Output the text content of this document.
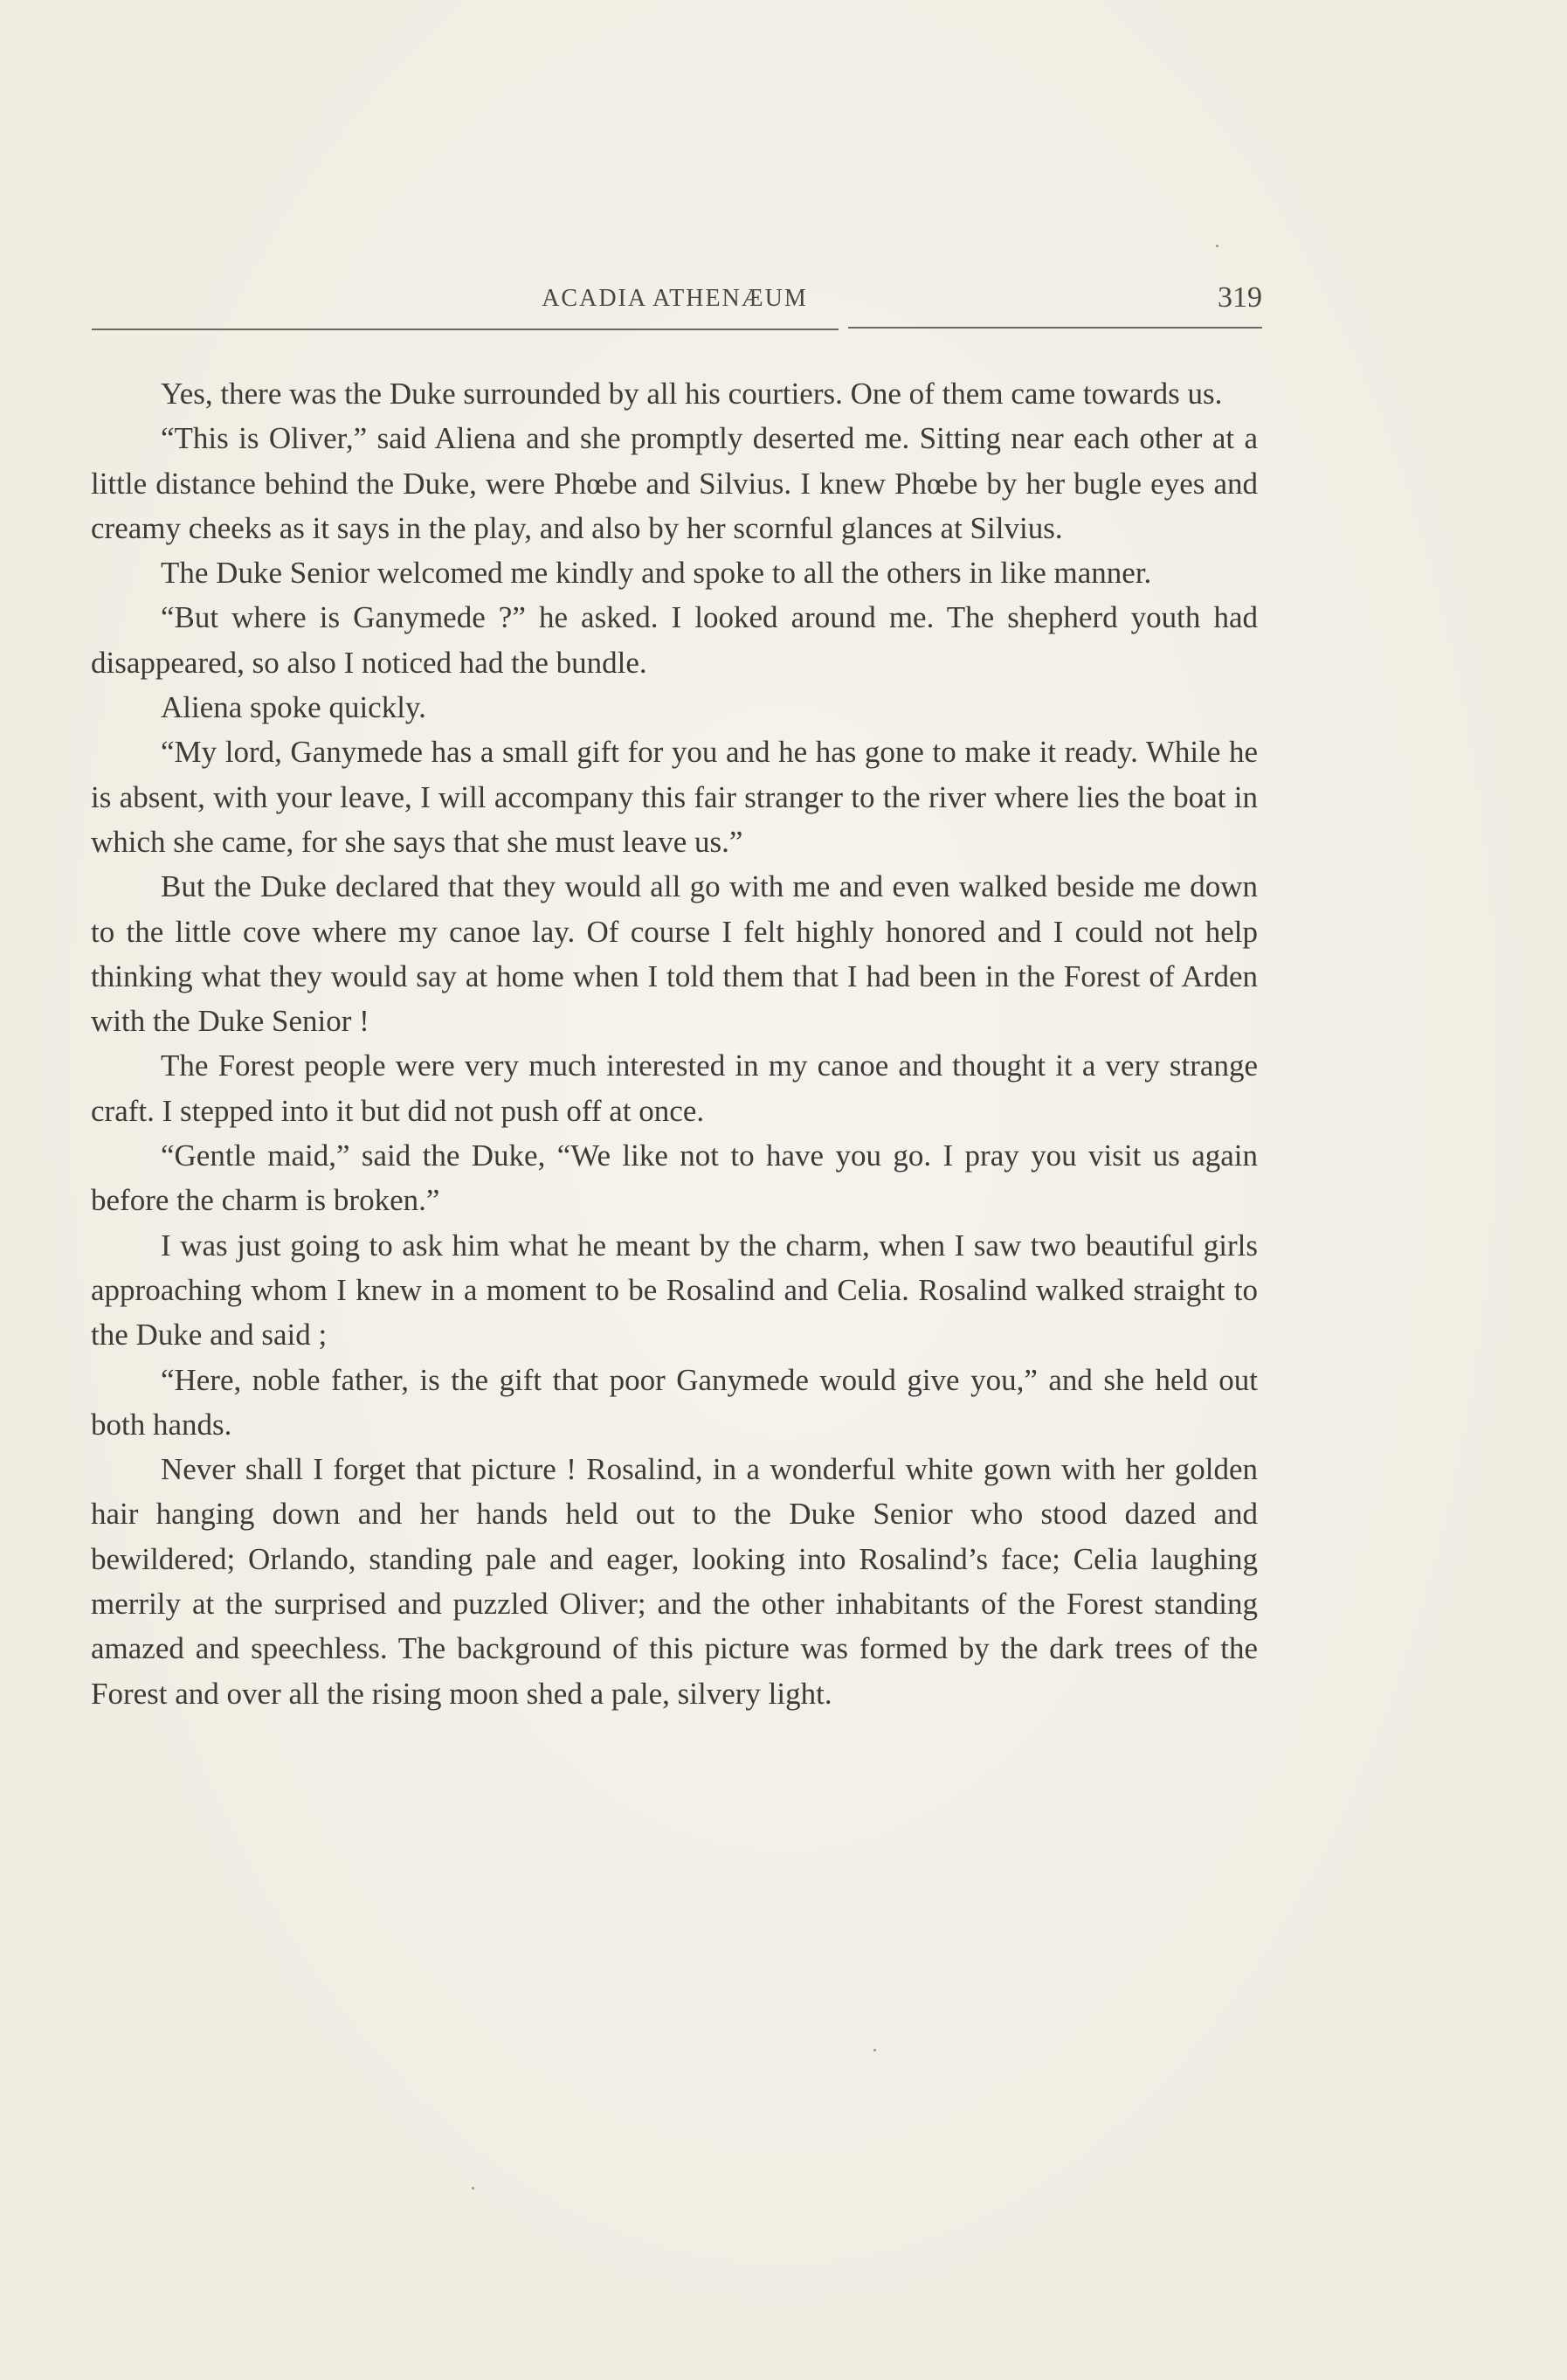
ACADIA ATHENÆUM	319

Yes, there was the Duke surrounded by all his courtiers. One of them came towards us.

“This is Oliver,” said Aliena and she promptly deserted me. Sitting near each other at a little distance behind the Duke, were Phœbe and Silvius. I knew Phœbe by her bugle eyes and creamy cheeks as it says in the play, and also by her scornful glances at Silvius.

The Duke Senior welcomed me kindly and spoke to all the others in like manner.

“But where is Ganymede ?” he asked. I looked around me. The shepherd youth had disappeared, so also I noticed had the bundle.

Aliena spoke quickly.

“My lord, Ganymede has a small gift for you and he has gone to make it ready. While he is absent, with your leave, I will accompany this fair stranger to the river where lies the boat in which she came, for she says that she must leave us.”

But the Duke declared that they would all go with me and even walked beside me down to the little cove where my canoe lay. Of course I felt highly honored and I could not help thinking what they would say at home when I told them that I had been in the Forest of Arden with the Duke Senior !

The Forest people were very much interested in my canoe and thought it a very strange craft. I stepped into it but did not push off at once.

“Gentle maid,” said the Duke, “We like not to have you go. I pray you visit us again before the charm is broken.”

I was just going to ask him what he meant by the charm, when I saw two beautiful girls approaching whom I knew in a moment to be Rosalind and Celia. Rosalind walked straight to the Duke and said ;

“Here, noble father, is the gift that poor Ganymede would give you,” and she held out both hands.

Never shall I forget that picture ! Rosalind, in a wonderful white gown with her golden hair hanging down and her hands held out to the Duke Senior who stood dazed and bewildered; Orlando, standing pale and eager, looking into Rosalind’s face; Celia laughing merrily at the surprised and puzzled Oliver; and the other inhabitants of the Forest standing amazed and speechless. The background of this picture was formed by the dark trees of the Forest and over all the rising moon shed a pale, silvery light.
